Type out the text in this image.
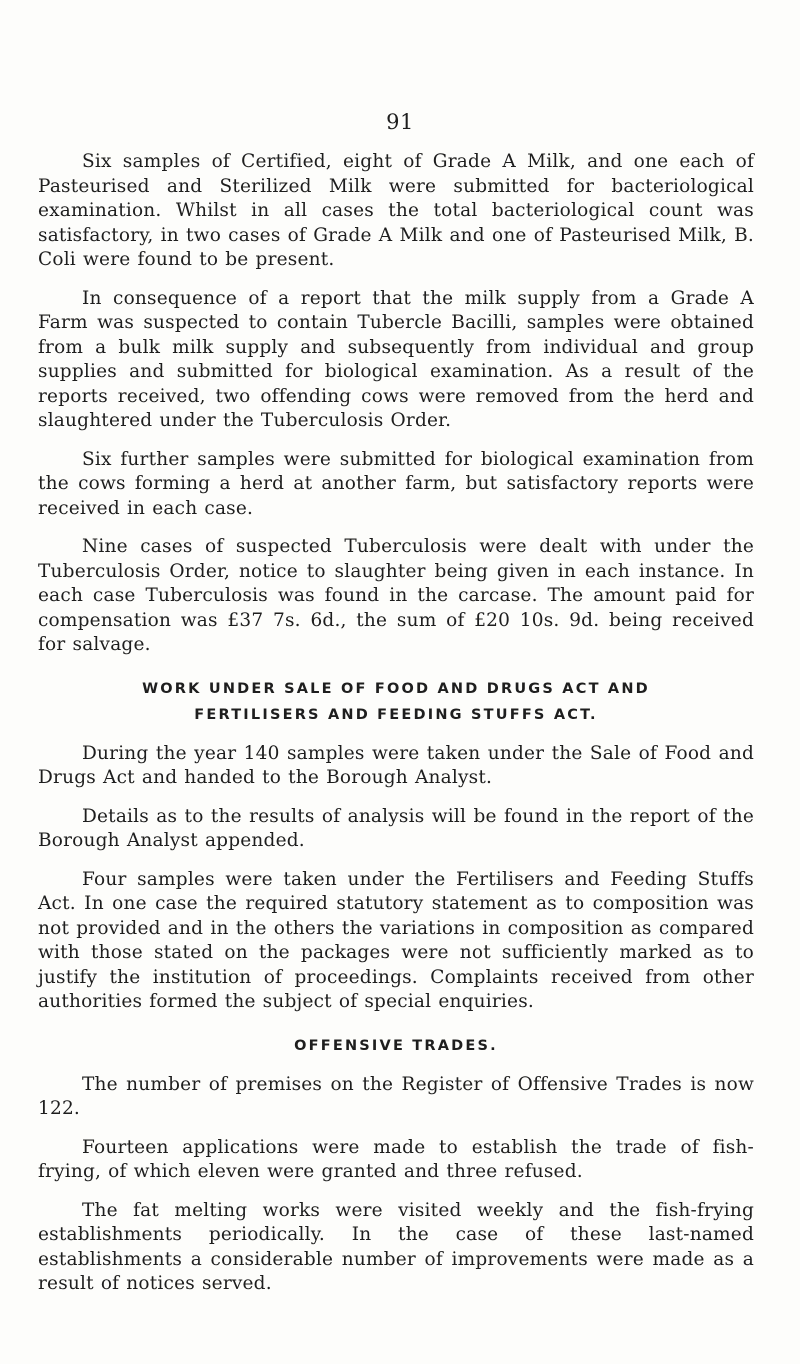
91

Six samples of Certified, eight of Grade A Milk, and one each of Pasteurised and Sterilized Milk were submitted for bacteriological examination. Whilst in all cases the total bacteriological count was satisfactory, in two cases of Grade A Milk and one of Pasteurised Milk, B. Coli were found to be present.

In consequence of a report that the milk supply from a Grade A Farm was suspected to contain Tubercle Bacilli, samples were obtained from a bulk milk supply and subsequently from individual and group supplies and submitted for biological examination. As a result of the reports received, two offending cows were removed from the herd and slaughtered under the Tuberculosis Order.

Six further samples were submitted for biological examination from the cows forming a herd at another farm, but satisfactory reports were received in each case.

Nine cases of suspected Tuberculosis were dealt with under the Tuberculosis Order, notice to slaughter being given in each instance. In each case Tuberculosis was found in the carcase. The amount paid for compensation was £37 7s. 6d., the sum of £20 10s. 9d. being received for salvage.

WORK UNDER SALE OF FOOD AND DRUGS ACT AND
FERTILISERS AND FEEDING STUFFS ACT.

During the year 140 samples were taken under the Sale of Food and Drugs Act and handed to the Borough Analyst.

Details as to the results of analysis will be found in the report of the Borough Analyst appended.

Four samples were taken under the Fertilisers and Feeding Stuffs Act. In one case the required statutory statement as to composition was not provided and in the others the variations in composition as compared with those stated on the packages were not sufficiently marked as to justify the institution of proceedings. Complaints received from other authorities formed the subject of special enquiries.

OFFENSIVE TRADES.

The number of premises on the Register of Offensive Trades is now 122.

Fourteen applications were made to establish the trade of fish-frying, of which eleven were granted and three refused.

The fat melting works were visited weekly and the fish-frying establishments periodically. In the case of these last-named establishments a considerable number of improvements were made as a result of notices served.
